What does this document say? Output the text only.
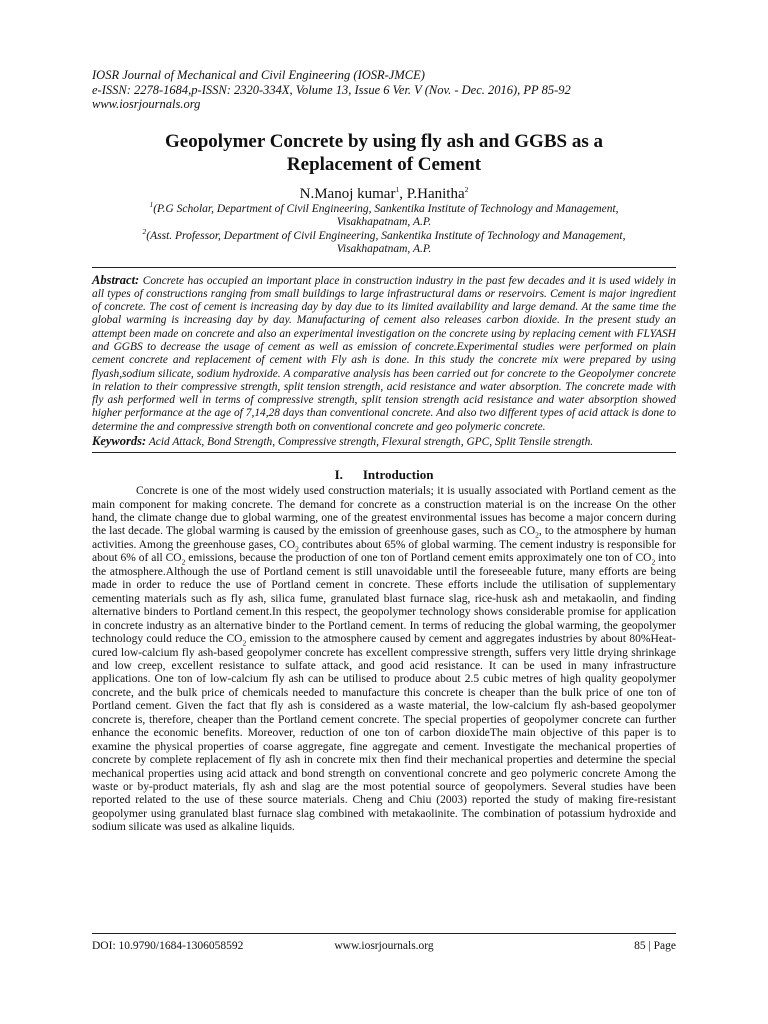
IOSR Journal of Mechanical and Civil Engineering (IOSR-JMCE)

e-ISSN: 2278-1684,p-ISSN: 2320-334X, Volume 13, Issue 6 Ver. V (Nov. - Dec. 2016), PP 85-92

www.iosrjournals.org

Geopolymer Concrete by using fly ash and GGBS as a
Replacement of Cement

N.Manoj kumar$^1$, P.Hanitha$^2$

$^1$(P.G Scholar, Department of Civil Engineering, Sankentika Institute of Technology and Management,
Visakhapatnam, A.P.

$^2$(Asst. Professor, Department of Civil Engineering, Sankentika Institute of Technology and Management,
Visakhapatnam, A.P.

Abstract: Concrete has occupied an important place in construction industry in the past few decades and it is used widely in all types of constructions ranging from small buildings to large infrastructural dams or reservoirs. Cement is major ingredient of concrete. The cost of cement is increasing day by day due to its limited availability and large demand. At the same time the global warming is increasing day by day. Manufacturing of cement also releases carbon dioxide. In the present study an attempt been made on concrete and also an experimental investigation on the concrete using by replacing cement with FLYASH and GGBS to decrease the usage of cement as well as emission of concrete.Experimental studies were performed on plain cement concrete and replacement of cement with Fly ash is done. In this study the concrete mix were prepared by using flyash,sodium silicate, sodium hydroxide. A comparative analysis has been carried out for concrete to the Geopolymer concrete in relation to their compressive strength, split tension strength, acid resistance and water absorption. The concrete made with fly ash performed well in terms of compressive strength, split tension strength acid resistance and water absorption showed higher performance at the age of 7,14,28 days than conventional concrete. And also two different types of acid attack is done to determine the and compressive strength both on conventional concrete and geo polymeric concrete.

Keywords: Acid Attack, Bond Strength, Compressive strength, Flexural strength, GPC, Split Tensile strength.

I. Introduction

Concrete is one of the most widely used construction materials; it is usually associated with Portland cement as the main component for making concrete. The demand for concrete as a construction material is on the increase On the other hand, the climate change due to global warming, one of the greatest environmental issues has become a major concern during the last decade. The global warming is caused by the emission of greenhouse gases, such as $CO_2$, to the atmosphere by human activities. Among the greenhouse gases, $CO_2$ contributes about 65% of global warming. The cement industry is responsible for about 6% of all $CO_2$ emissions, because the production of one ton of Portland cement emits approximately one ton of $CO_2$ into the atmosphere.Although the use of Portland cement is still unavoidable until the foreseeable future, many efforts are being made in order to reduce the use of Portland cement in concrete. These efforts include the utilisation of supplementary cementing materials such as fly ash, silica fume, granulated blast furnace slag, rice-husk ash and metakaolin, and finding alternative binders to Portland cement.In this respect, the geopolymer technology shows considerable promise for application in concrete industry as an alternative binder to the Portland cement. In terms of reducing the global warming, the geopolymer technology could reduce the $CO_2$ emission to the atmosphere caused by cement and aggregates industries by about 80%Heat-cured low-calcium fly ash-based geopolymer concrete has excellent compressive strength, suffers very little drying shrinkage and low creep, excellent resistance to sulfate attack, and good acid resistance. It can be used in many infrastructure applications. One ton of low-calcium fly ash can be utilised to produce about 2.5 cubic metres of high quality geopolymer concrete, and the bulk price of chemicals needed to manufacture this concrete is cheaper than the bulk price of one ton of Portland cement. Given the fact that fly ash is considered as a waste material, the low-calcium fly ash-based geopolymer concrete is, therefore, cheaper than the Portland cement concrete. The special properties of geopolymer concrete can further enhance the economic benefits. Moreover, reduction of one ton of carbon dioxideThe main objective of this paper is to examine the physical properties of coarse aggregate, fine aggregate and cement. Investigate the mechanical properties of concrete by complete replacement of fly ash in concrete mix then find their mechanical properties and determine the special mechanical properties using acid attack and bond strength on conventional concrete and geo polymeric concrete Among the waste or by-product materials, fly ash and slag are the most potential source of geopolymers. Several studies have been reported related to the use of these source materials. Cheng and Chiu (2003) reported the study of making fire-resistant geopolymer using granulated blast furnace slag combined with metakaolinite. The combination of potassium hydroxide and sodium silicate was used as alkaline liquids.

DOI: 10.9790/1684-1306058592	www.iosrjournals.org	85 | Page
